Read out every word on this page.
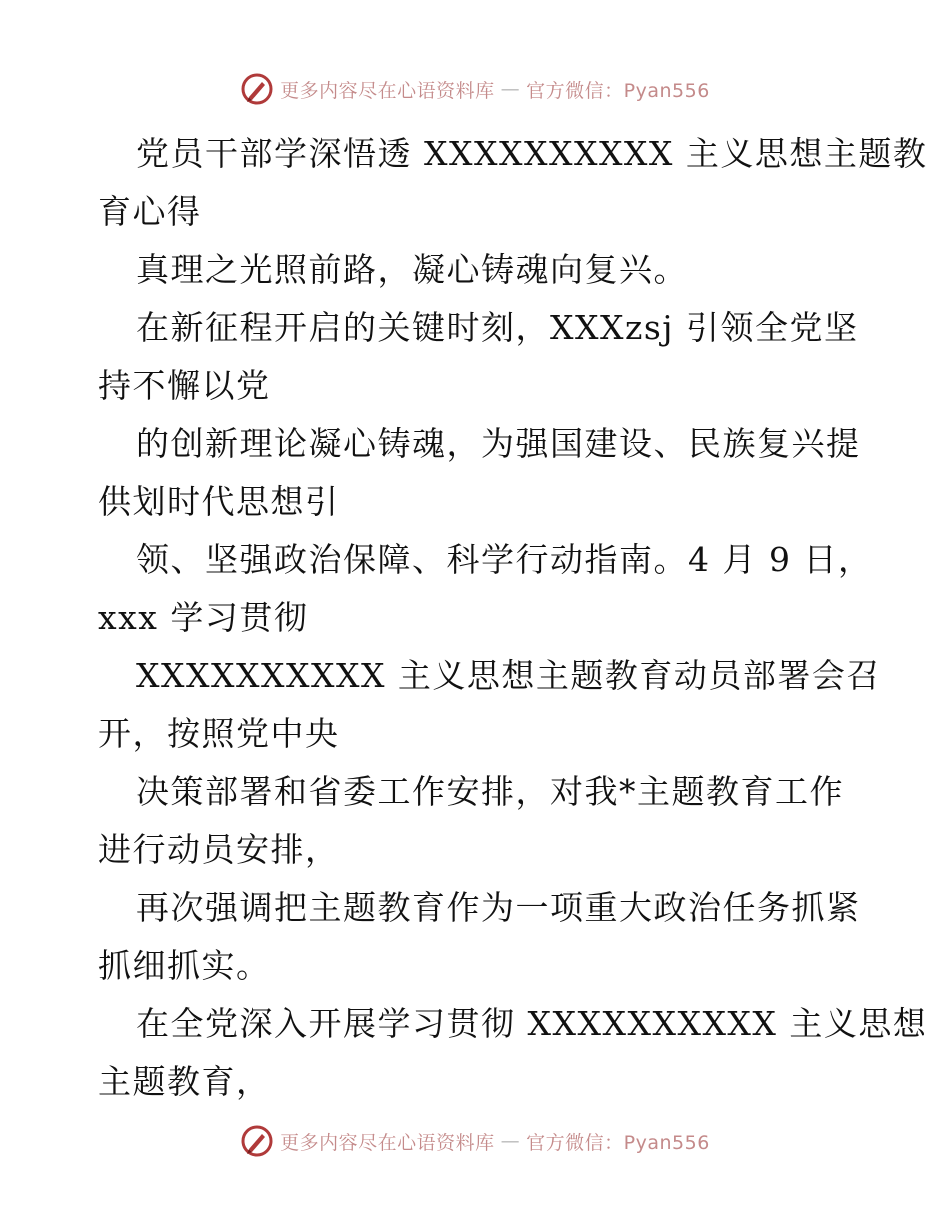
更多内容尽在心语资料库 — 官方微信：Pyan556
党员干部学深悟透 XXXXXXXXXX 主义思想主题教
育心得
真理之光照前路，凝心铸魂向复兴。
在新征程开启的关键时刻，XXXzsj 引领全党坚
持不懈以党
的创新理论凝心铸魂，为强国建设、民族复兴提
供划时代思想引
领、坚强政治保障、科学行动指南。4 月 9 日，
xxx 学习贯彻
XXXXXXXXXX 主义思想主题教育动员部署会召
开，按照党中央
决策部署和省委工作安排，对我*主题教育工作
进行动员安排，
再次强调把主题教育作为一项重大政治任务抓紧
抓细抓实。
在全党深入开展学习贯彻 XXXXXXXXXX 主义思想
主题教育，
更多内容尽在心语资料库 — 官方微信：Pyan556
